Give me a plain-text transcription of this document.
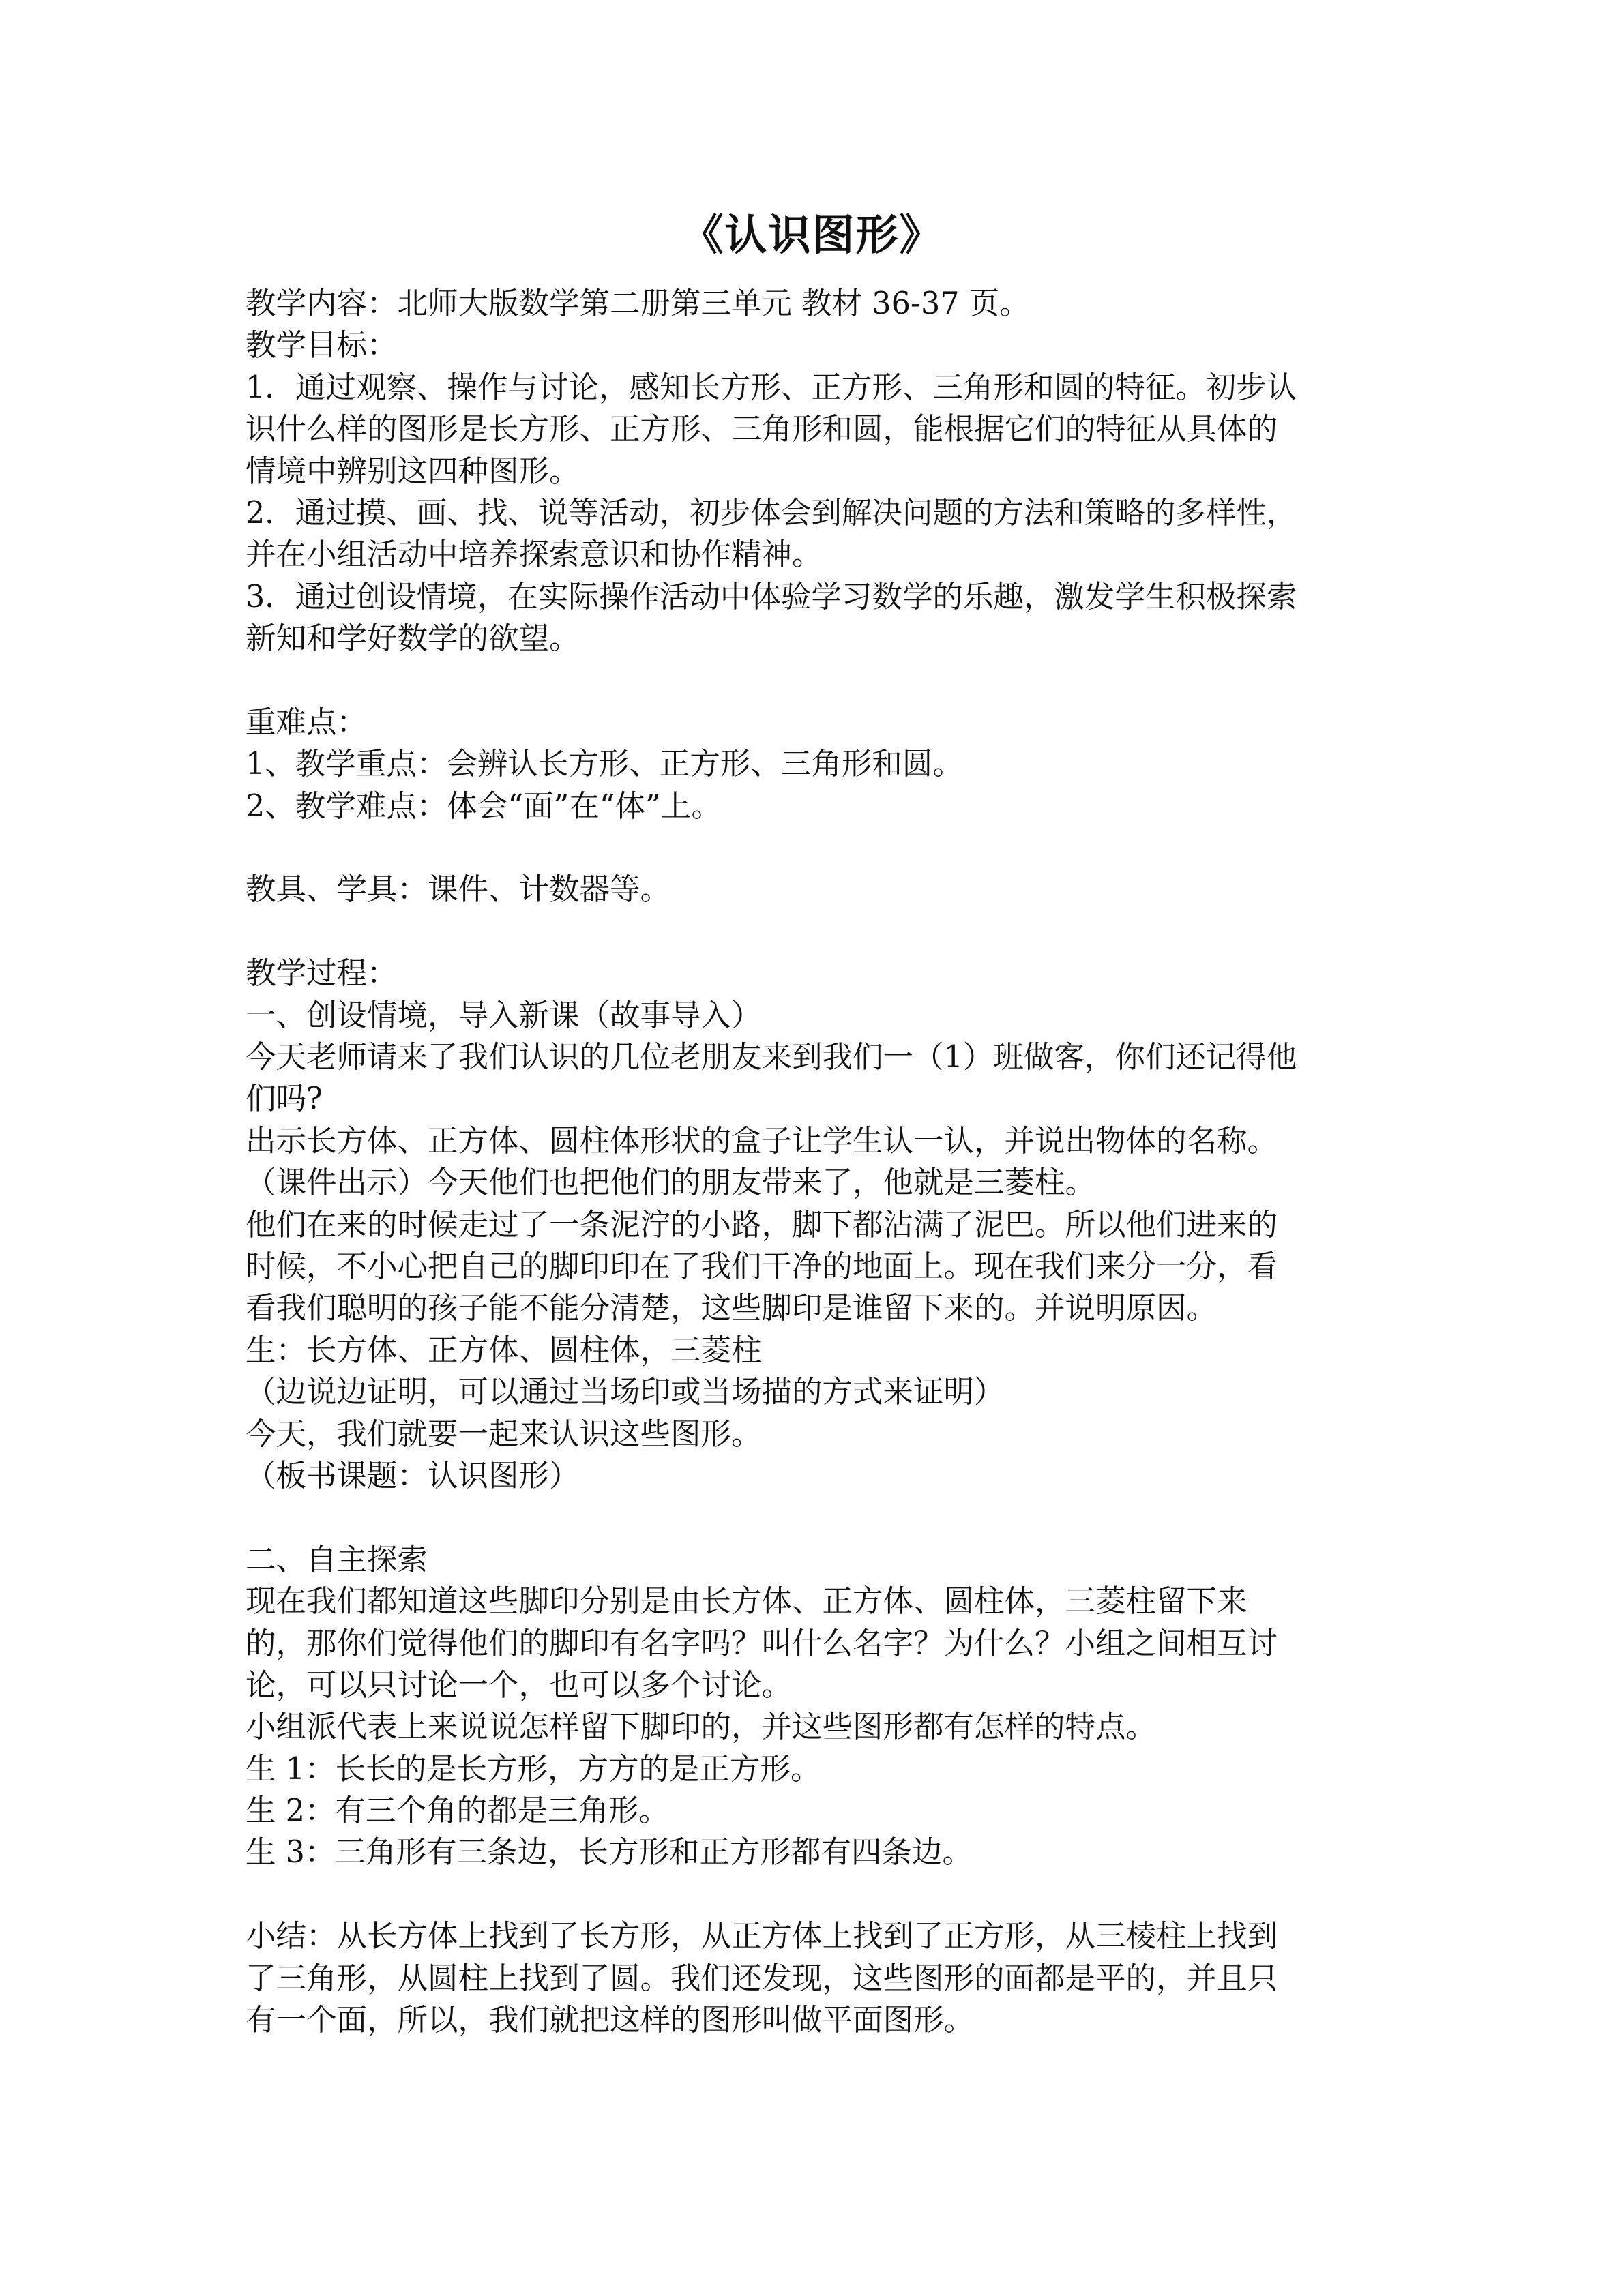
《认识图形》
教学内容：北师大版数学第二册第三单元 教材 36-37 页。
教学目标：
1．通过观察、操作与讨论，感知长方形、正方形、三角形和圆的特征。初步认
识什么样的图形是长方形、正方形、三角形和圆，能根据它们的特征从具体的
情境中辨别这四种图形。
2．通过摸、画、找、说等活动，初步体会到解决问题的方法和策略的多样性，
并在小组活动中培养探索意识和协作精神。
3．通过创设情境，在实际操作活动中体验学习数学的乐趣，激发学生积极探索
新知和学好数学的欲望。
重难点：
1、教学重点：会辨认长方形、正方形、三角形和圆。
2、教学难点：体会“面”在“体”上。
教具、学具：课件、计数器等。
教学过程：
一、创设情境，导入新课（故事导入）
今天老师请来了我们认识的几位老朋友来到我们一（1）班做客，你们还记得他
们吗?
出示长方体、正方体、圆柱体形状的盒子让学生认一认，并说出物体的名称。
（课件出示）今天他们也把他们的朋友带来了，他就是三菱柱。
他们在来的时候走过了一条泥泞的小路，脚下都沾满了泥巴。所以他们进来的
时候，不小心把自己的脚印印在了我们干净的地面上。现在我们来分一分，看
看我们聪明的孩子能不能分清楚，这些脚印是谁留下来的。并说明原因。
生：长方体、正方体、圆柱体，三菱柱
（边说边证明，可以通过当场印或当场描的方式来证明）
今天，我们就要一起来认识这些图形。
（板书课题：认识图形）
二、自主探索
现在我们都知道这些脚印分别是由长方体、正方体、圆柱体，三菱柱留下来
的，那你们觉得他们的脚印有名字吗？叫什么名字？为什么？小组之间相互讨
论，可以只讨论一个，也可以多个讨论。
小组派代表上来说说怎样留下脚印的，并这些图形都有怎样的特点。
生 1：长长的是长方形，方方的是正方形。
生 2：有三个角的都是三角形。
生 3：三角形有三条边，长方形和正方形都有四条边。
小结：从长方体上找到了长方形，从正方体上找到了正方形，从三棱柱上找到
了三角形，从圆柱上找到了圆。我们还发现，这些图形的面都是平的，并且只
有一个面，所以，我们就把这样的图形叫做平面图形。
